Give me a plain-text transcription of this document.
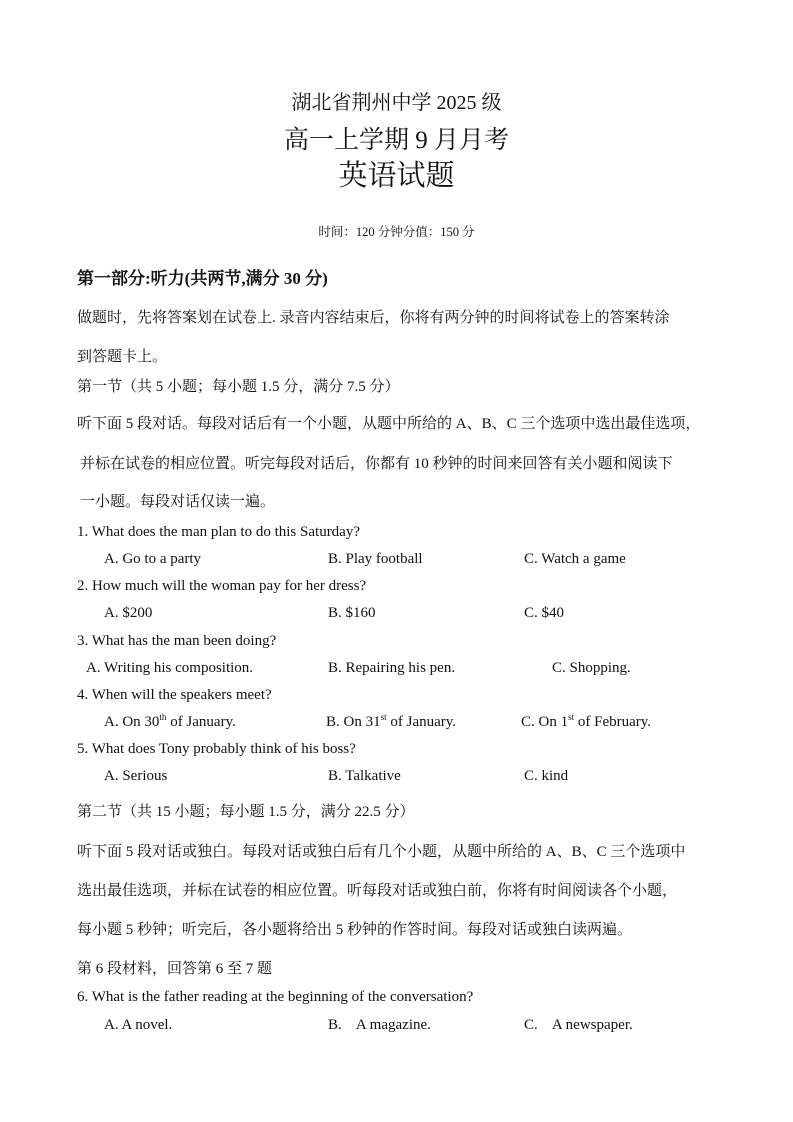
湖北省荆州中学 2025 级
高一上学期 9 月月考
英语试题
时间：120 分钟分值：150 分
第一部分:听力(共两节,满分 30 分)
做题时，先将答案划在试卷上. 录音内容结束后，你将有两分钟的时间将试卷上的答案转涂
到答题卡上。
第一节（共 5 小题；每小题 1.5 分，满分 7.5 分）
听下面 5 段对话。每段对话后有一个小题，从题中所给的 A、B、C 三个选项中选出最佳选项，
并标在试卷的相应位置。听完每段对话后，你都有 10 秒钟的时间来回答有关小题和阅读下
一小题。每段对话仅读一遍。
1. What does the man plan to do this Saturday?
A. Go to a party	B. Play football	C. Watch a game
2. How much will the woman pay for her dress?
A. $200	B. $160	C. $40
3. What has the man been doing?
A. Writing his composition.	B. Repairing his pen.	C. Shopping.
4. When will the speakers meet?
A. On 30th of January.	B. On 31st of January.	C. On 1st of February.
5. What does Tony probably think of his boss?
A. Serious	B. Talkative	C. kind
第二节（共 15 小题；每小题 1.5 分，满分 22.5 分）
听下面 5 段对话或独白。每段对话或独白后有几个小题，从题中所给的 A、B、C 三个选项中
选出最佳选项，并标在试卷的相应位置。听每段对话或独白前，你将有时间阅读各个小题，
每小题 5 秒钟；听完后，各小题将给出 5 秒钟的作答时间。每段对话或独白读两遍。
第 6 段材料，回答第 6 至 7 题
6. What is the father reading at the beginning of the conversation?
A. A novel.	B.    A magazine.	C.    A newspaper.
